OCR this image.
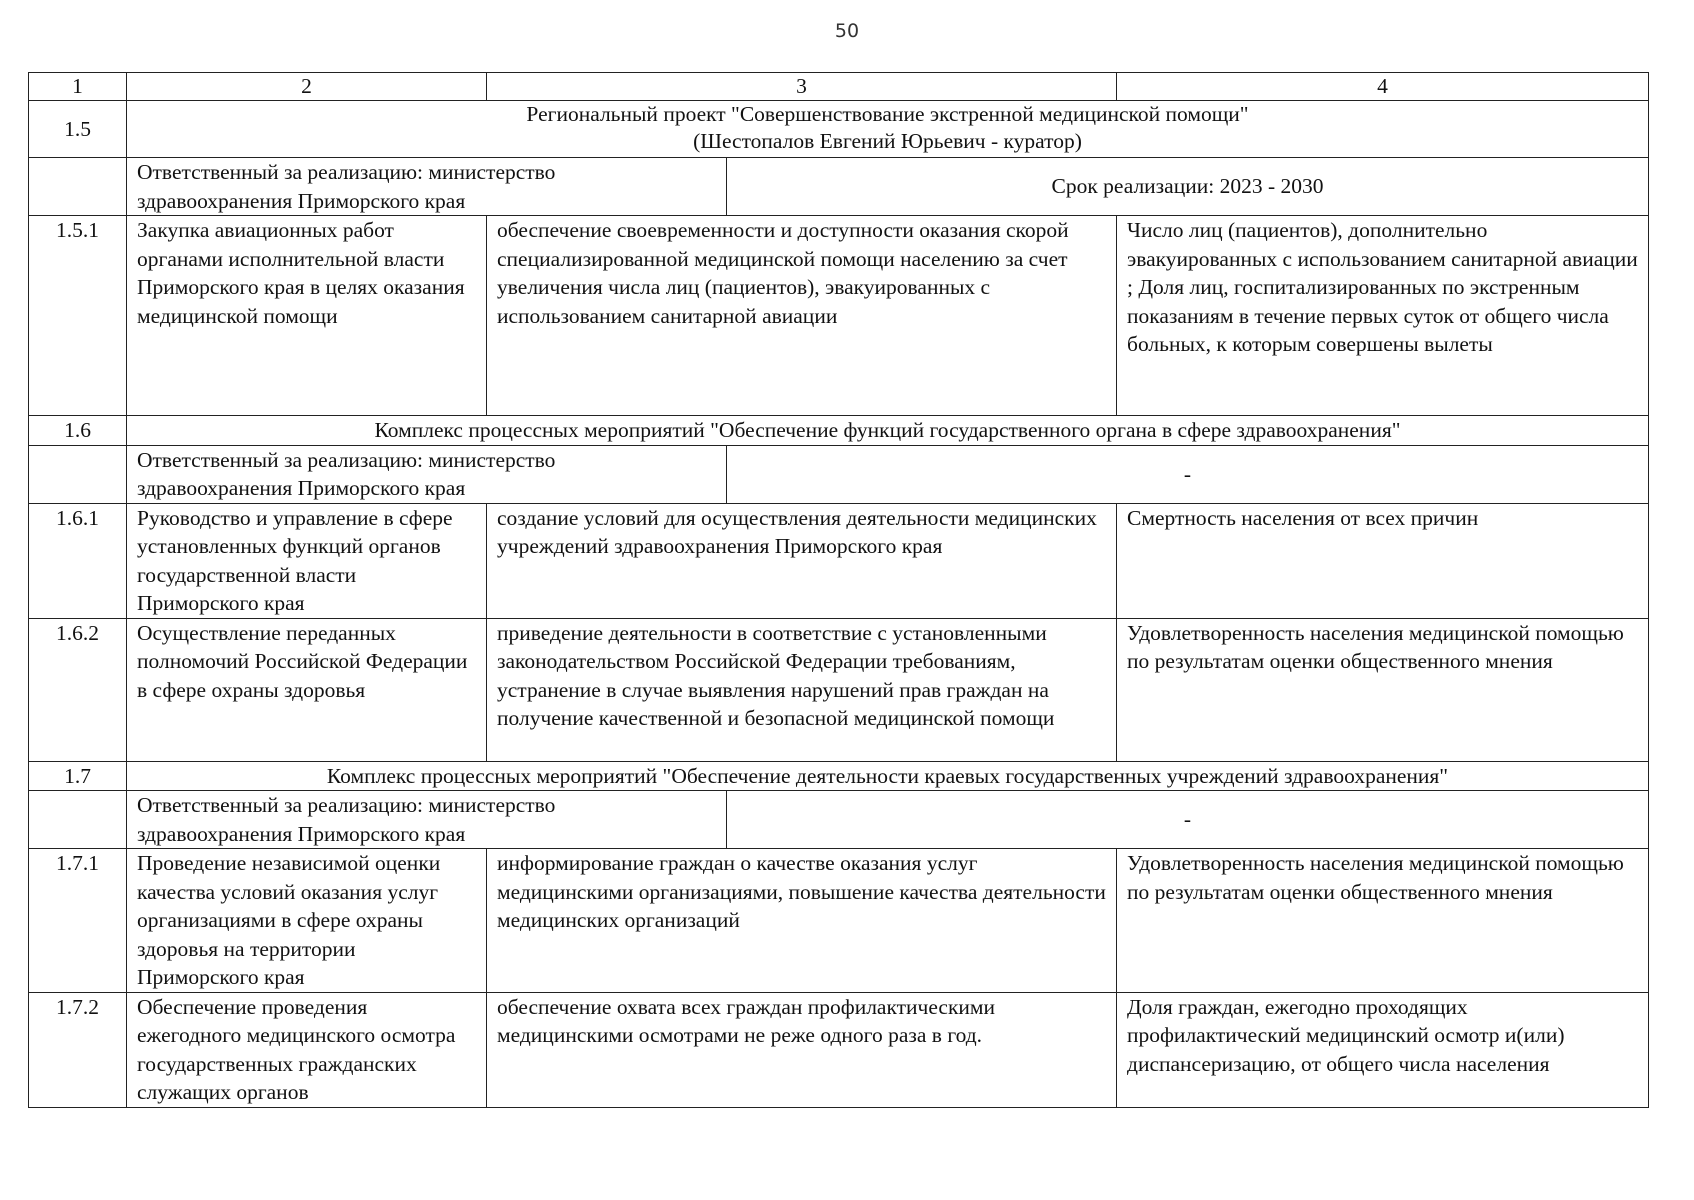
50
1	2	3		4
1.5	Региональный проект "Совершенствование экстренной медицинской помощи"
(Шестопалов Евгений Юрьевич - куратор)			

	Ответственный за реализацию: министерство здравоохранения Приморского края		Срок реализации: 2023 - 2030	
1.5.1	Закупка авиационных работ органами исполнительной власти Приморского края в целях оказания медицинской помощи	обеспечение своевременности и доступности оказания скорой специализированной медицинской помощи населению за счет увеличения числа лиц (пациентов), эвакуированных с использованием санитарной авиации		Число лиц (пациентов), дополнительно эвакуированных с использованием санитарной авиации ; Доля лиц, госпитализированных по экстренным показаниям в течение первых суток от общего числа больных, к которым совершены вылеты
1.6	Комплекс процессных мероприятий "Обеспечение функций государственного органа в сфере здравоохранения"			
	Ответственный за реализацию: министерство здравоохранения Приморского края		-	
1.6.1	Руководство и управление в сфере установленных функций органов государственной власти Приморского края	создание условий для осуществления деятельности медицинских учреждений здравоохранения Приморского края		Смертность населения от всех причин
1.6.2	Осуществление переданных полномочий Российской Федерации в сфере охраны здоровья	приведение деятельности в соответствие с установленными законодательством Российской Федерации требованиям, устранение в случае выявления нарушений прав граждан на получение качественной и безопасной медицинской помощи		Удовлетворенность населения медицинской помощью по результатам оценки общественного мнения
1.7	Комплекс процессных мероприятий "Обеспечение деятельности краевых государственных учреждений здравоохранения"			
	Ответственный за реализацию: министерство здравоохранения Приморского края		-	
1.7.1	Проведение независимой оценки качества условий оказания услуг организациями в сфере охраны здоровья на территории Приморского края	информирование граждан о качестве оказания услуг медицинскими организациями, повышение качества деятельности медицинских организаций		Удовлетворенность населения медицинской помощью по результатам оценки общественного мнения
1.7.2	Обеспечение проведения ежегодного медицинского осмотра государственных гражданских служащих органов	обеспечение охвата всех граждан профилактическими медицинскими осмотрами не реже одного раза в год.		Доля граждан, ежегодно проходящих профилактический медицинский осмотр и(или) диспансеризацию, от общего числа населения
